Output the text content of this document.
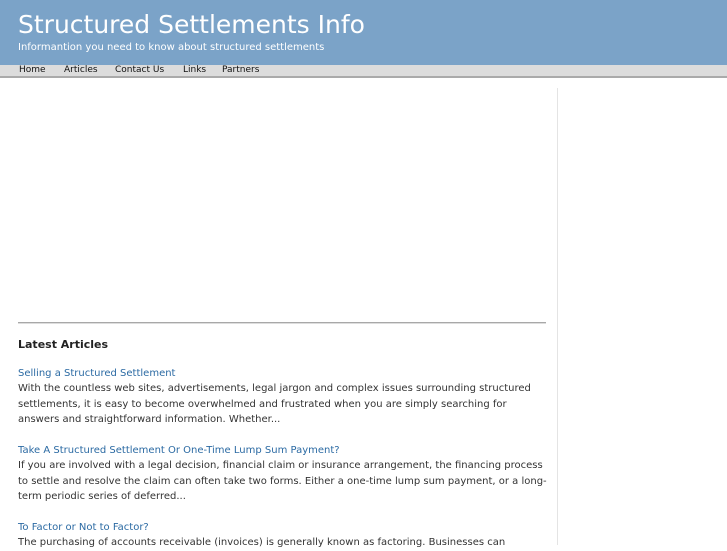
Structured Settlements Info
Informantion you need to know about structured settlements
Home Articles Contact Us Links Partners
Latest Articles
Selling a Structured Settlement

With the countless web sites, advertisements, legal jargon and complex issues surrounding structured settlements, it is easy to become overwhelmed and frustrated when you are simply searching for answers and straightforward information. Whether...

Take A Structured Settlement Or One-Time Lump Sum Payment?

If you are involved with a legal decision, financial claim or insurance arrangement, the financing process to settle and resolve the claim can often take two forms. Either a one-time lump sum payment, or a long-term periodic series of deferred...

To Factor or Not to Factor?

The purchasing of accounts receivable (invoices) is generally known as factoring. Businesses can
